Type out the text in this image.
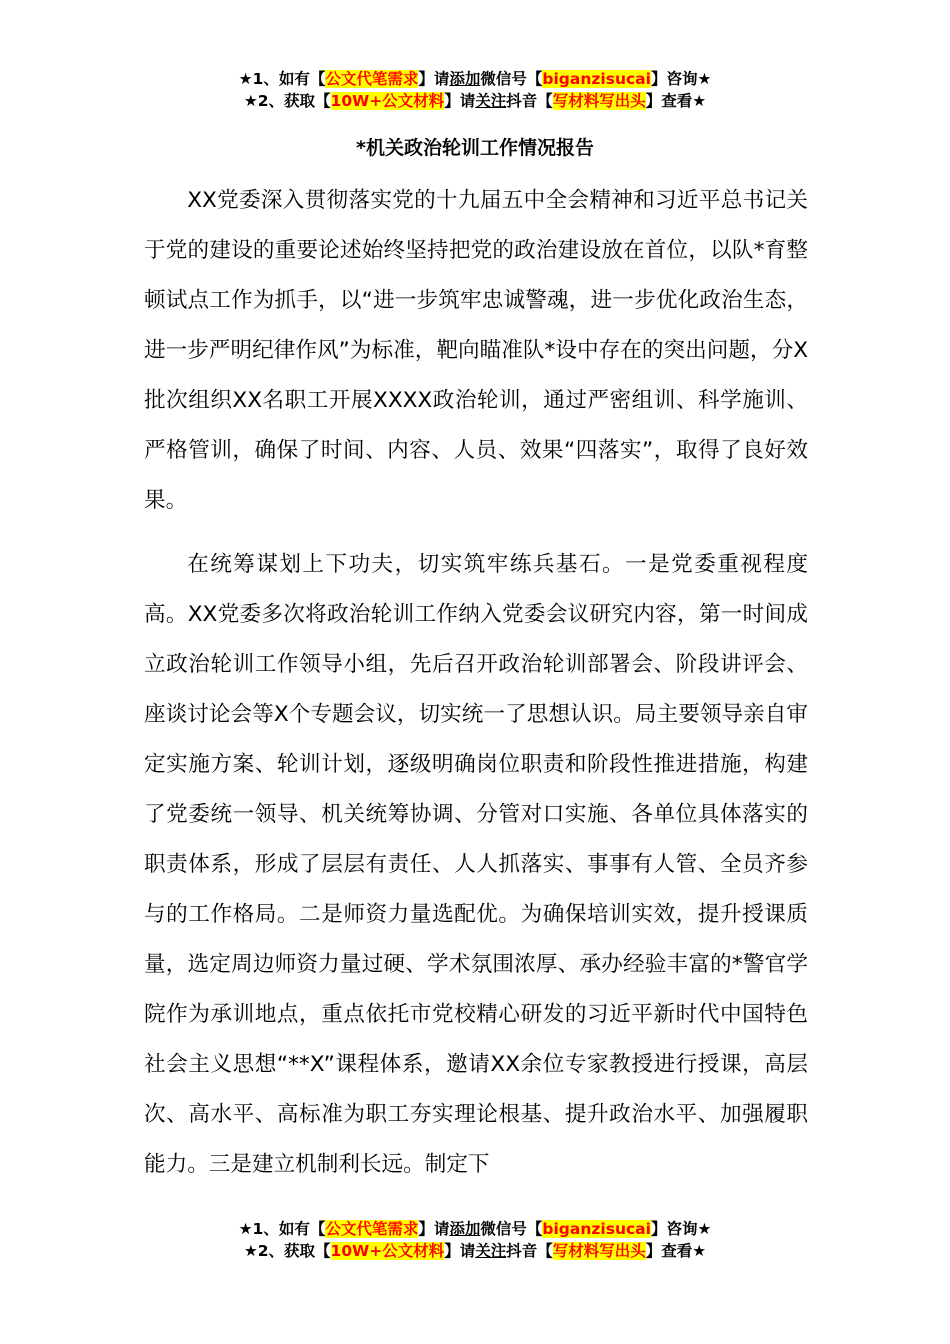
★1、如有【公文代笔需求】请添加微信号【biganzisucai】咨询★
★2、获取【10W+公文材料】请关注抖音【写材料写出头】查看★
*机关政治轮训工作情况报告

XX党委深入贯彻落实党的十九届五中全会精神和习近平总书记关于党的建设的重要论述始终坚持把党的政治建设放在首位，以队*育整顿试点工作为抓手，以“进一步筑牢忠诚警魂，进一步优化政治生态，进一步严明纪律作风”为标准，靶向瞄准队*设中存在的突出问题，分X批次组织XX名职工开展XXXX政治轮训，通过严密组训、科学施训、严格管训，确保了时间、内容、人员、效果“四落实”，取得了良好效果。

在统筹谋划上下功夫，切实筑牢练兵基石。一是党委重视程度高。XX党委多次将政治轮训工作纳入党委会议研究内容，第一时间成立政治轮训工作领导小组，先后召开政治轮训部署会、阶段讲评会、座谈讨论会等X个专题会议，切实统一了思想认识。局主要领导亲自审定实施方案、轮训计划，逐级明确岗位职责和阶段性推进措施，构建了党委统一领导、机关统筹协调、分管对口实施、各单位具体落实的职责体系，形成了层层有责任、人人抓落实、事事有人管、全员齐参与的工作格局。二是师资力量选配优。为确保培训实效，提升授课质量，选定周边师资力量过硬、学术氛围浓厚、承办经验丰富的*警官学院作为承训地点，重点依托市党校精心研发的习近平新时代中国特色社会主义思想“**X”课程体系，邀请XX余位专家教授进行授课，高层次、高水平、高标准为职工夯实理论根基、提升政治水平、加强履职能力。三是建立机制利长远。制定下

★1、如有【公文代笔需求】请添加微信号【biganzisucai】咨询★
★2、获取【10W+公文材料】请关注抖音【写材料写出头】查看★
